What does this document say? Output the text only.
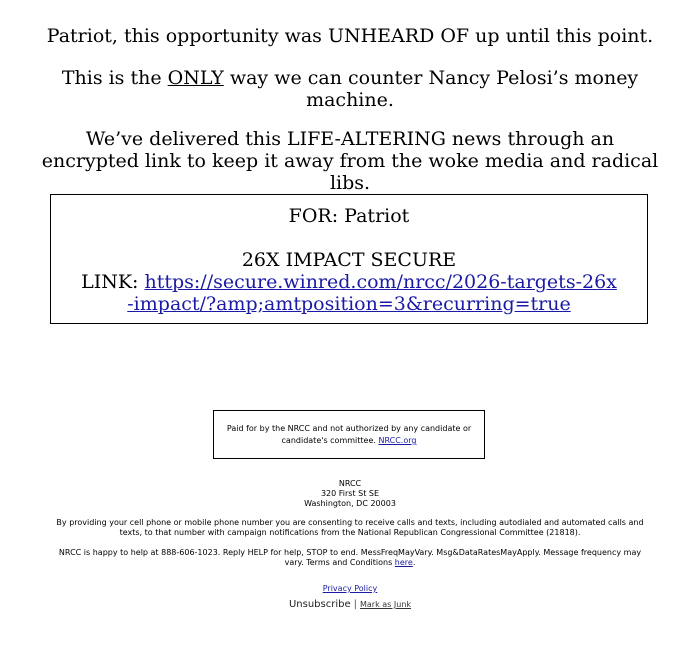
Patriot, this opportunity was UNHEARD OF up until this point.

This is the ONLY way we can counter Nancy Pelosi’s money machine.

We’ve delivered this LIFE-ALTERING news through an encrypted link to keep it away from the woke media and radical libs.

FOR: Patriot
26X IMPACT SECURE
LINK: https://secure.winred.com/nrcc/2026-targets-26x-impact/?amp;amtposition=3&recurring=true
Paid for by the NRCC and not authorized by any candidate or candidate's committee. NRCC.org
NRCC
320 First St SE
Washington, DC 20003
By providing your cell phone or mobile phone number you are consenting to receive calls and texts, including autodialed and automated calls and texts, to that number with campaign notifications from the National Republican Congressional Committee (21818).
NRCC is happy to help at 888-606-1023. Reply HELP for help, STOP to end. MessFreqMayVary. Msg&DataRatesMayApply. Message frequency may vary. Terms and Conditions here.
Privacy Policy
Unsubscribe | Mark as Junk
